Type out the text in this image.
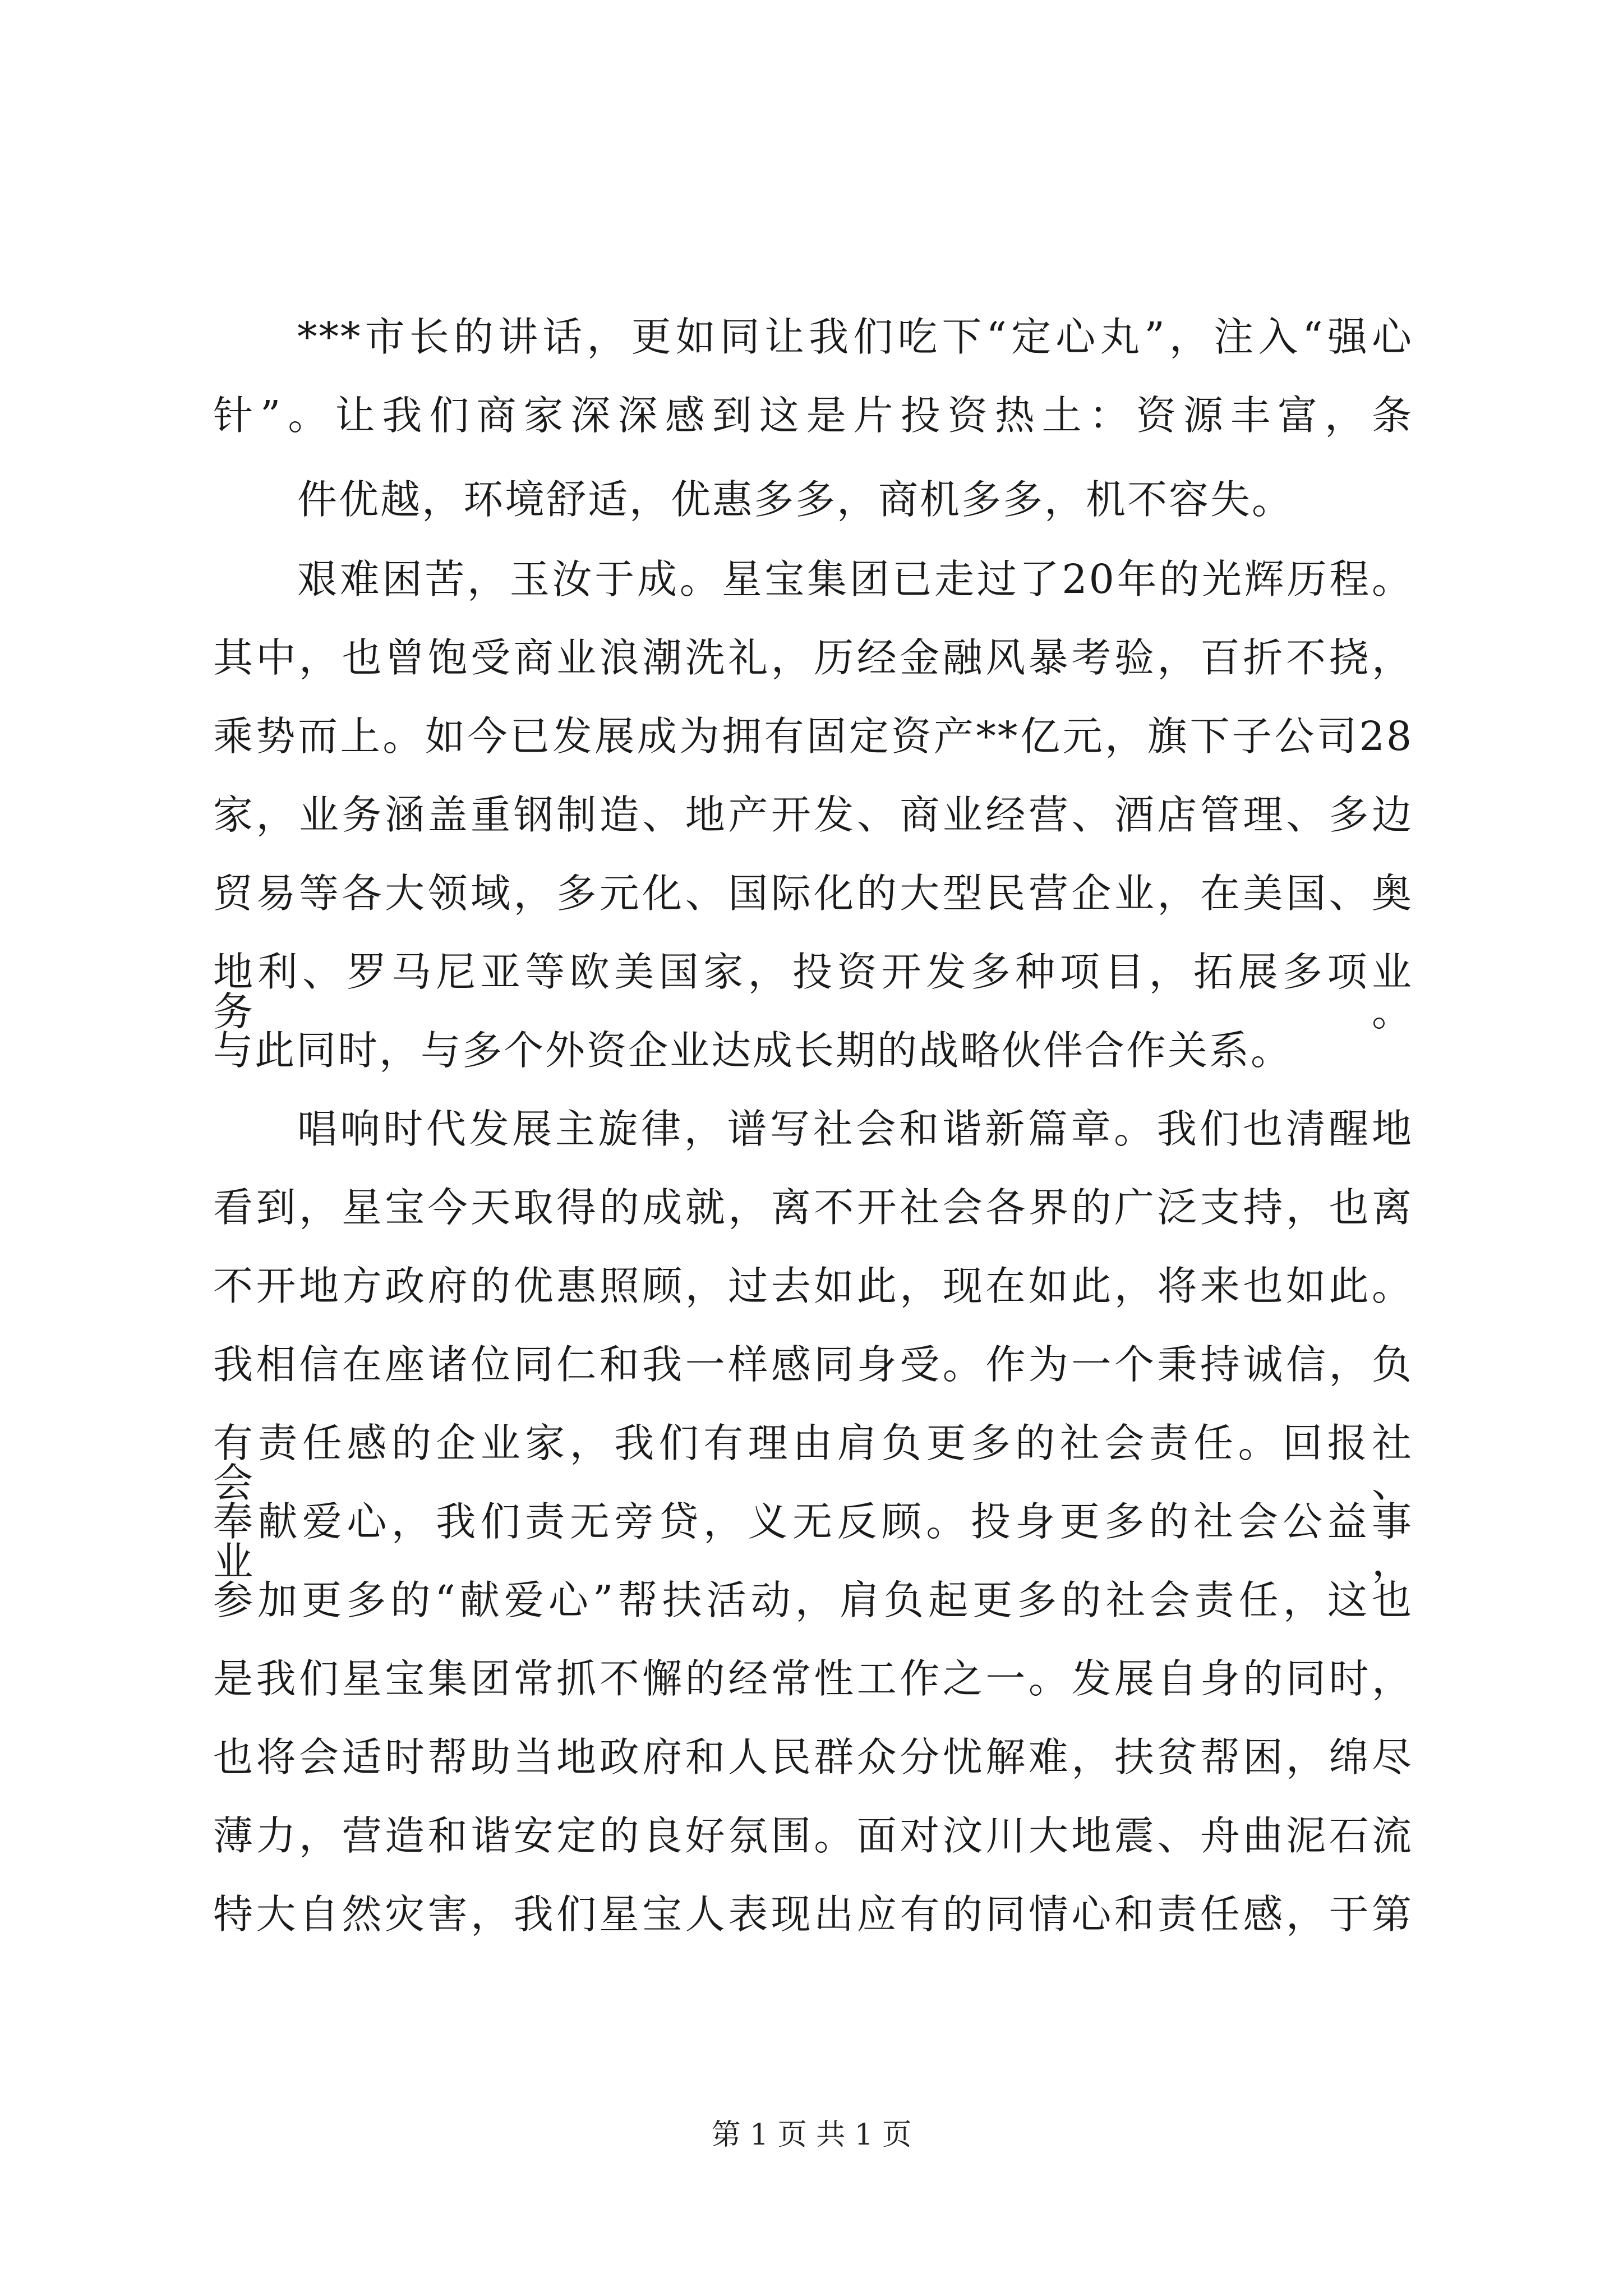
***市长的讲话，更如同让我们吃下“定心丸”，注入“强心

针”。让我们商家深深感到这是片投资热土：资源丰富，条

件优越，环境舒适，优惠多多，商机多多，机不容失。

艰难困苦，玉汝于成。星宝集团已走过了20年的光辉历程。

其中，也曾饱受商业浪潮洗礼，历经金融风暴考验，百折不挠，

乘势而上。如今已发展成为拥有固定资产**亿元，旗下子公司28

家，业务涵盖重钢制造、地产开发、商业经营、酒店管理、多边

贸易等各大领域，多元化、国际化的大型民营企业，在美国、奥

地利、罗马尼亚等欧美国家，投资开发多种项目，拓展多项业务。

与此同时，与多个外资企业达成长期的战略伙伴合作关系。

唱响时代发展主旋律，谱写社会和谐新篇章。我们也清醒地

看到，星宝今天取得的成就，离不开社会各界的广泛支持，也离

不开地方政府的优惠照顾，过去如此，现在如此，将来也如此。

我相信在座诸位同仁和我一样感同身受。作为一个秉持诚信，负

有责任感的企业家，我们有理由肩负更多的社会责任。回报社会、

奉献爱心，我们责无旁贷，义无反顾。投身更多的社会公益事业，

参加更多的“献爱心”帮扶活动，肩负起更多的社会责任，这也

是我们星宝集团常抓不懈的经常性工作之一。发展自身的同时，

也将会适时帮助当地政府和人民群众分忧解难，扶贫帮困，绵尽

薄力，营造和谐安定的良好氛围。面对汶川大地震、舟曲泥石流

特大自然灾害，我们星宝人表现出应有的同情心和责任感，于第

第 1 页 共 1 页
